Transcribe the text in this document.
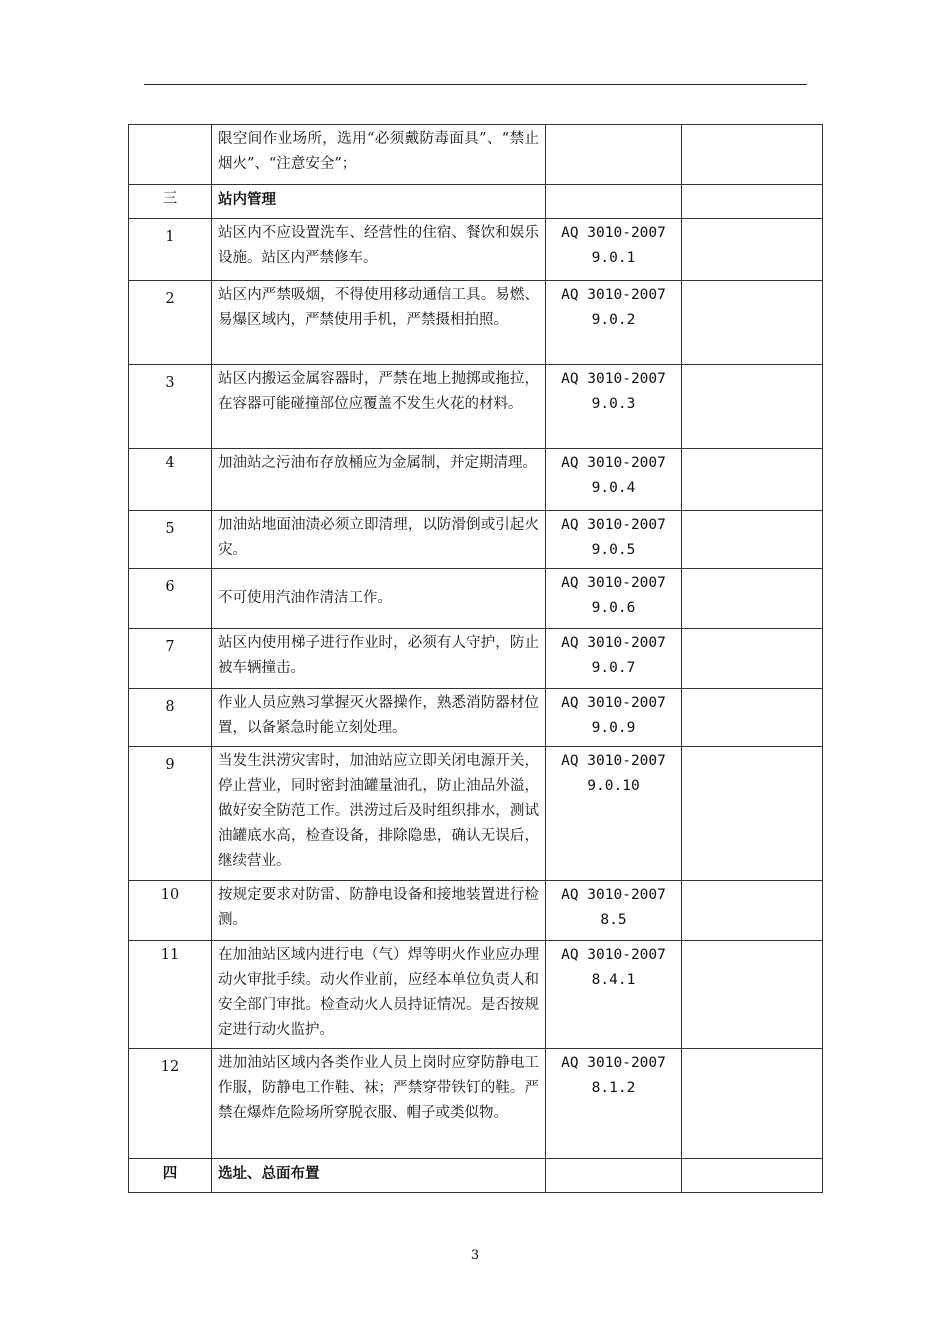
	限空间作业场所，选用“必须戴防毒面具”、“禁止烟火”、“注意安全”；		
三	站内管理		
1	站区内不应设置洗车、经营性的住宿、餐饮和娱乐设施。站区内严禁修车。	AQ 3010-2007
9.0.1	

2	站区内严禁吸烟，不得使用移动通信工具。易燃、易爆区域内，严禁使用手机，严禁摄相拍照。	AQ 3010-2007
9.0.2	

3	站区内搬运金属容器时，严禁在地上抛掷或拖拉，在容器可能碰撞部位应覆盖不发生火花的材料。	AQ 3010-2007
9.0.3	

4	加油站之污油布存放桶应为金属制，并定期清理。	AQ 3010-2007
9.0.4	

5	加油站地面油渍必须立即清理，以防滑倒或引起火灾。	AQ 3010-2007
9.0.5	

6	不可使用汽油作清洁工作。	AQ 3010-2007
9.0.6	

7	站区内使用梯子进行作业时，必须有人守护，防止被车辆撞击。	AQ 3010-2007
9.0.7	

8	作业人员应熟习掌握灭火器操作，熟悉消防器材位置，以备紧急时能立刻处理。	AQ 3010-2007
9.0.9	

9	当发生洪涝灾害时，加油站应立即关闭电源开关，停止营业，同时密封油罐量油孔，防止油品外溢，做好安全防范工作。洪涝过后及时组织排水，测试油罐底水高，检查设备，排除隐患，确认无误后，继续营业。	AQ 3010-2007
9.0.10	

10	按规定要求对防雷、防静电设备和接地装置进行检测。	AQ 3010-2007
8.5	

11	在加油站区域内进行电（气）焊等明火作业应办理动火审批手续。动火作业前，应经本单位负责人和安全部门审批。检查动火人员持证情况。是否按规定进行动火监护。	AQ 3010-2007
8.4.1	

12	进加油站区域内各类作业人员上岗时应穿防静电工作服，防静电工作鞋、袜；严禁穿带铁钉的鞋。严禁在爆炸危险场所穿脱衣服、帽子或类似物。	AQ 3010-2007
8.1.2	

四	选址、总面布置		
3
